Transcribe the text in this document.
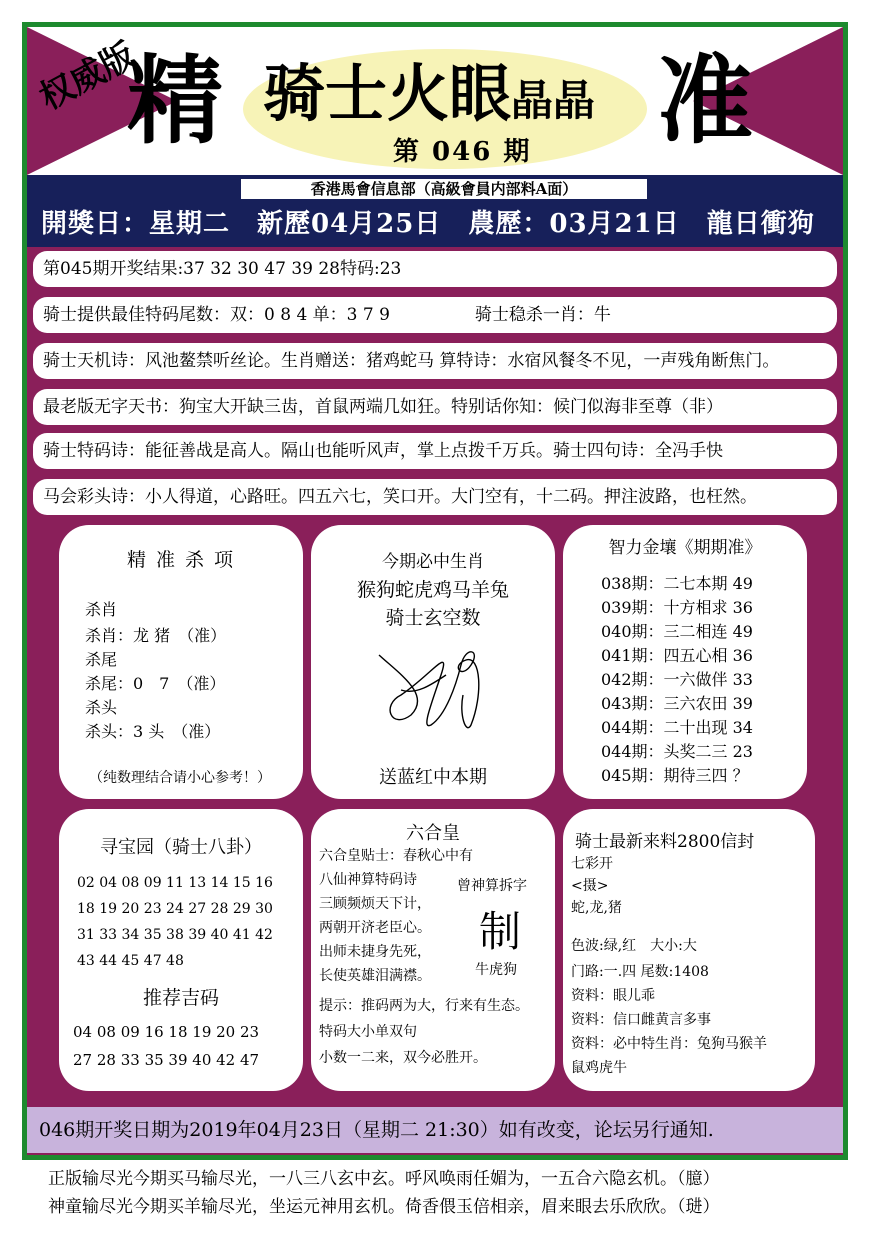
权威版
精	准
骑士火眼晶晶
第 046 期
香港馬會信息部（高級會員内部料A面）
開獎日：星期二　新歷04月25日　農歷：03月21日　龍日衝狗
第045期开奖结果:37 32 30 47 39 28特码:23
骑士提供最佳特码尾数：双：0 8 4 单：3 7 9　　　　　骑士稳杀一肖：牛
骑士天机诗：风池鳌禁听丝论。生肖赠送：猪鸡蛇马 算特诗：水宿风餐冬不见，一声残角断焦门。
最老版无字天书：狗宝大开缺三齿，首鼠两端几如狂。特别话你知：候门似海非至尊（非）
骑士特码诗：能征善战是高人。隔山也能听风声，掌上点拨千万兵。骑士四句诗：全冯手快
马会彩头诗：小人得道，心路旺。四五六七，笑口开。大门空有，十二码。押注波路，也枉然。
精 准 杀 项
杀肖
杀肖：龙 猪　（准）
杀尾
杀尾：0　7　（准）
杀头
杀头：3 头　（准）
（纯数理结合请小心参考！）
今期必中生肖
猴狗蛇虎鸡马羊兔
骑士玄空数
送蓝红中本期
智力金壤《期期准》
038期：二七本期 49
039期：十方相求 36
040期：三二相连 49
041期：四五心相 36
042期：一六做伴 33
043期：三六农田 39
044期：二十出现 34
044期：头奖二三 23
045期：期待三四 ？
寻宝园（骑士八卦）
02 04 08 09 11 13 14 15 16
18 19 20 23 24 27 28 29 30
31 33 34 35 38 39 40 41 42
43 44 45 47 48
推荐吉码
04 08 09 16 18 19 20 23
27 28 33 35 39 40 42 47
六合皇
六合皇贴士：春秋心中有
八仙神算特码诗
三顾频烦天下计，
两朝开济老臣心。
出师未捷身先死，
长使英雄泪满襟。
曾神算拆字
制
牛虎狗
提示：推码两为大，行来有生态。
特码大小单双句
小数一二来，双今必胜开。
骑士最新来料2800信封
七彩开
<摄>
蛇,龙,猪
色波:绿,红　大小:大
门路:一.四 尾数:1408
资料：眼儿乖
资料：信口雌黄言多事
资料：必中特生肖：兔狗马猴羊
鼠鸡虎牛
046期开奖日期为2019年04月23日（星期二 21:30）如有改变，论坛另行通知.
正版输尽光今期买马输尽光，一八三八玄中玄。呼风唤雨任媚为，一五合六隐玄机。（臆）
神童输尽光今期买羊输尽光，坐运元神用玄机。倚香偎玉倍相亲，眉来眼去乐欣欣。（琎）
